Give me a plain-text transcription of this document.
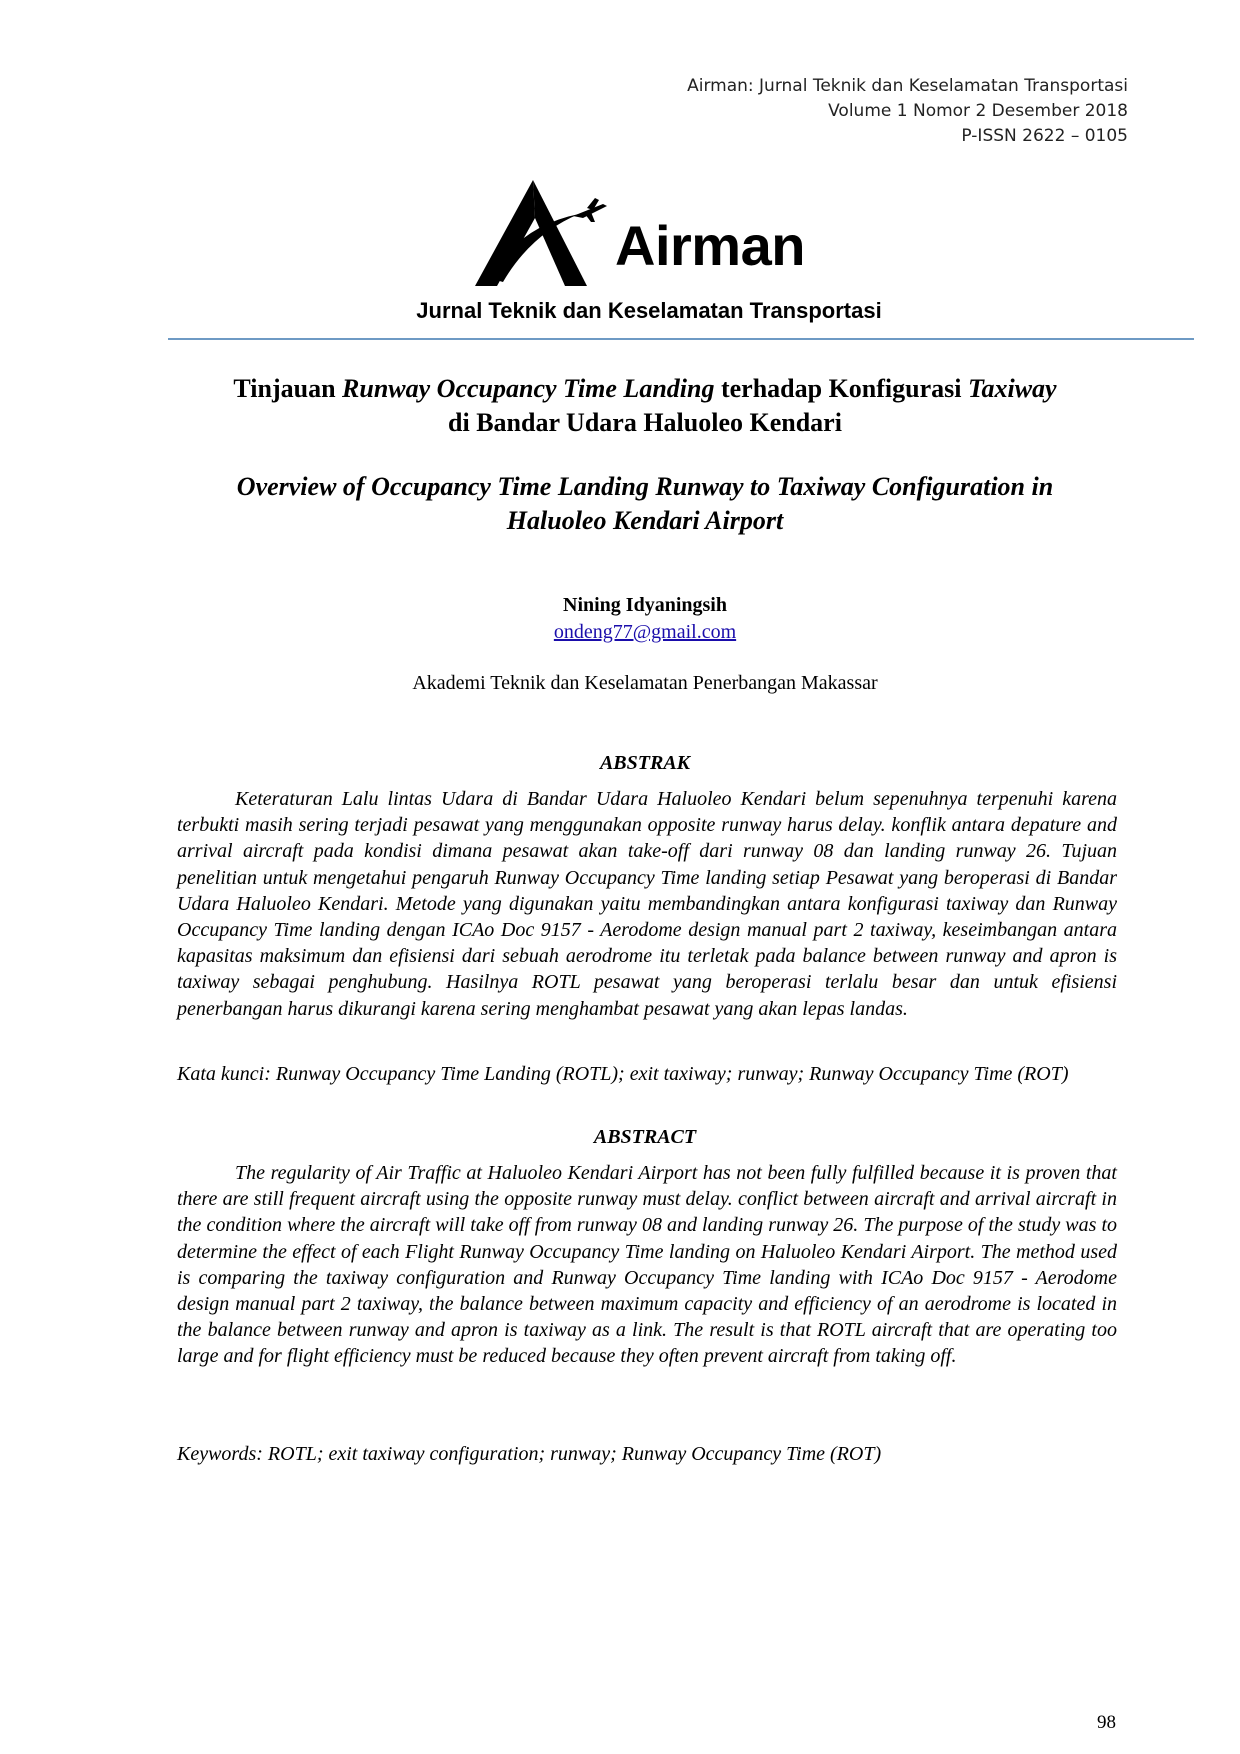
Airman: Jurnal Teknik dan Keselamatan Transportasi
Volume 1 Nomor 2 Desember 2018
P-ISSN 2622 – 0105
Airman
Jurnal Teknik dan Keselamatan Transportasi
Tinjauan Runway Occupancy Time Landing terhadap Konfigurasi Taxiway
di Bandar Udara Haluoleo Kendari
Overview of Occupancy Time Landing Runway to Taxiway Configuration in
Haluoleo Kendari Airport
Nining Idyaningsih
ondeng77@gmail.com
Akademi Teknik dan Keselamatan Penerbangan Makassar
ABSTRAK
Keteraturan Lalu lintas Udara di Bandar Udara Haluoleo Kendari belum sepenuhnya terpenuhi karena terbukti masih sering terjadi pesawat yang menggunakan opposite runway harus delay. konflik antara depature and arrival aircraft pada kondisi dimana pesawat akan take-off dari runway 08 dan landing runway 26. Tujuan penelitian untuk mengetahui pengaruh Runway Occupancy Time landing setiap Pesawat yang beroperasi di Bandar Udara Haluoleo Kendari. Metode yang digunakan yaitu membandingkan antara konfigurasi taxiway dan Runway Occupancy Time landing dengan ICAo Doc 9157 - Aerodome design manual part 2 taxiway, keseimbangan antara kapasitas maksimum dan efisiensi dari sebuah aerodrome itu terletak pada balance between runway and apron is taxiway sebagai penghubung. Hasilnya ROTL pesawat yang beroperasi terlalu besar dan untuk efisiensi penerbangan harus dikurangi karena sering menghambat pesawat yang akan lepas landas.
Kata kunci: Runway Occupancy Time Landing (ROTL); exit taxiway; runway; Runway Occupancy Time (ROT)
ABSTRACT
The regularity of Air Traffic at Haluoleo Kendari Airport has not been fully fulfilled because it is proven that there are still frequent aircraft using the opposite runway must delay. conflict between aircraft and arrival aircraft in the condition where the aircraft will take off from runway 08 and landing runway 26. The purpose of the study was to determine the effect of each Flight Runway Occupancy Time landing on Haluoleo Kendari Airport. The method used is comparing the taxiway configuration and Runway Occupancy Time landing with ICAo Doc 9157 - Aerodome design manual part 2 taxiway, the balance between maximum capacity and efficiency of an aerodrome is located in the balance between runway and apron is taxiway as a link. The result is that ROTL aircraft that are operating too large and for flight efficiency must be reduced because they often prevent aircraft from taking off.
Keywords: ROTL; exit taxiway configuration; runway; Runway Occupancy Time (ROT)
98
